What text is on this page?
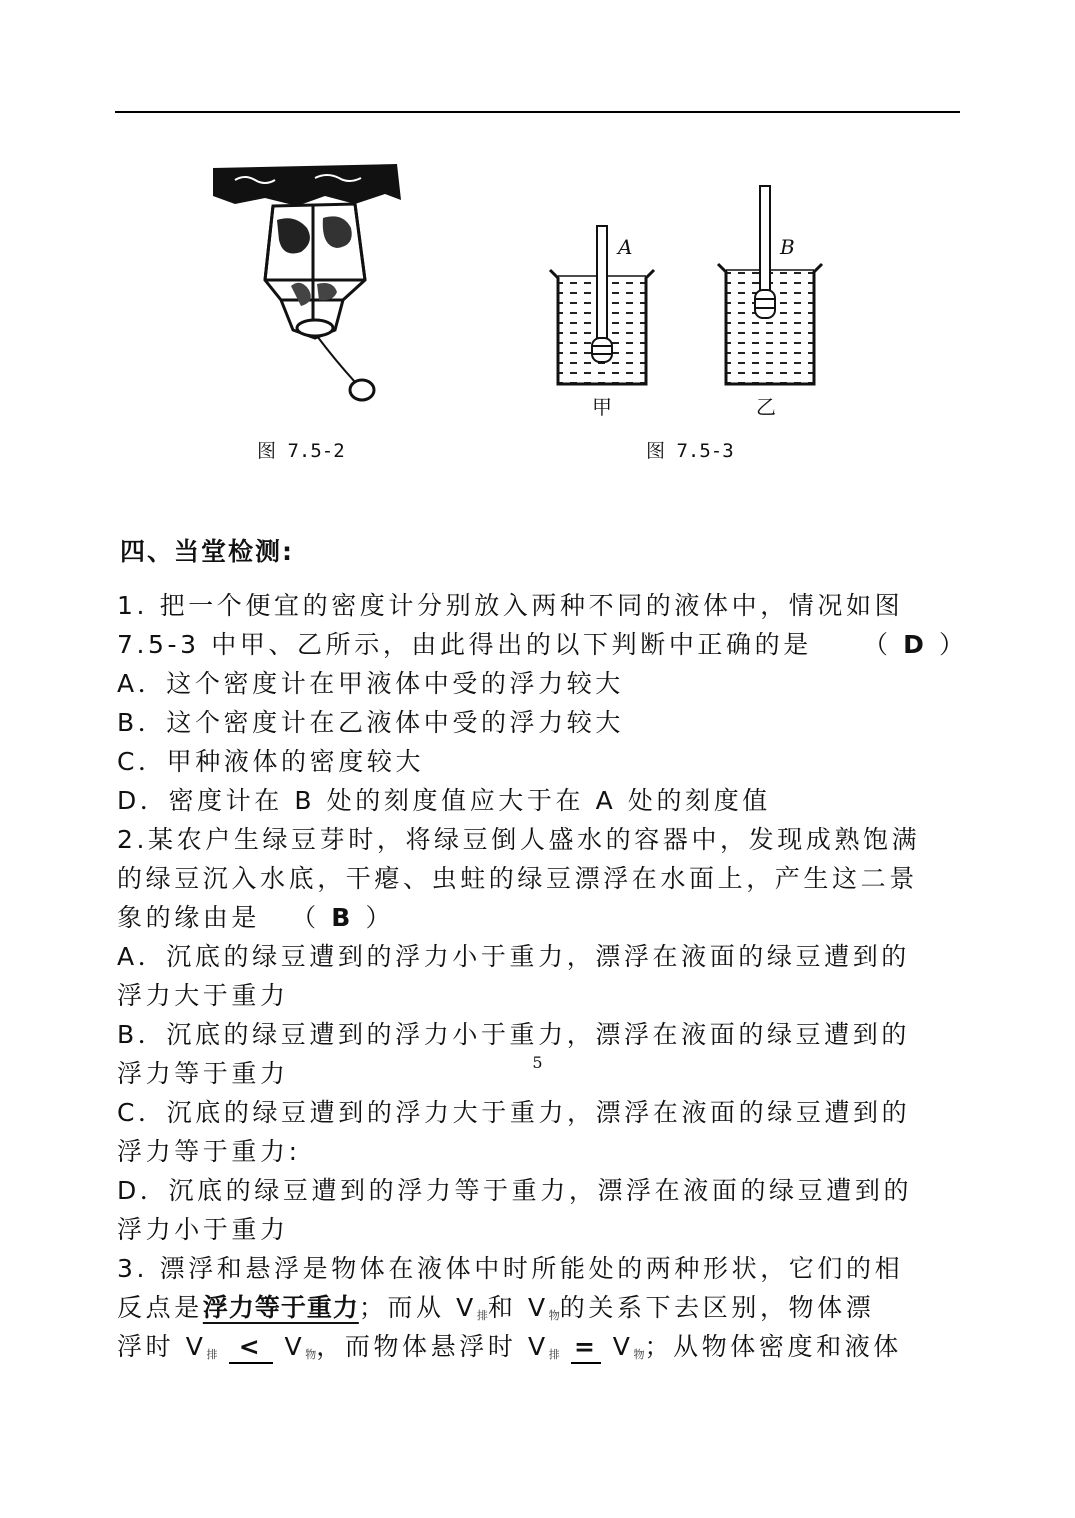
图 7.5-2
A
甲
B
乙
图 7.5-3
四、当堂检测:
1. 把一个便宜的密度计分别放入两种不同的液体中，情况如图
7.5-3 中甲、乙所示，由此得出的以下判断中正确的是 （ D ）
A．这个密度计在甲液体中受的浮力较大
B．这个密度计在乙液体中受的浮力较大
C．甲种液体的密度较大
D．密度计在 B 处的刻度值应大于在 A 处的刻度值
2.某农户生绿豆芽时，将绿豆倒人盛水的容器中，发现成熟饱满
的绿豆沉入水底，干瘪、虫蛀的绿豆漂浮在水面上，产生这二景
象的缘由是 （ B ）
A．沉底的绿豆遭到的浮力小于重力，漂浮在液面的绿豆遭到的
浮力大于重力
B．沉底的绿豆遭到的浮力小于重力，漂浮在液面的绿豆遭到的
浮力等于重力
C．沉底的绿豆遭到的浮力大于重力，漂浮在液面的绿豆遭到的
浮力等于重力:
D．沉底的绿豆遭到的浮力等于重力，漂浮在液面的绿豆遭到的
浮力小于重力
3. 漂浮和悬浮是物体在液体中时所能处的两种形状，它们的相
反点是浮力等于重力；而从 $V_排$和 $V_物$的关系下去区别，物体漂
浮时 $V_排 < V_物$，而物体悬浮时 $V_排 = V_物$；从物体密度和液体
5
